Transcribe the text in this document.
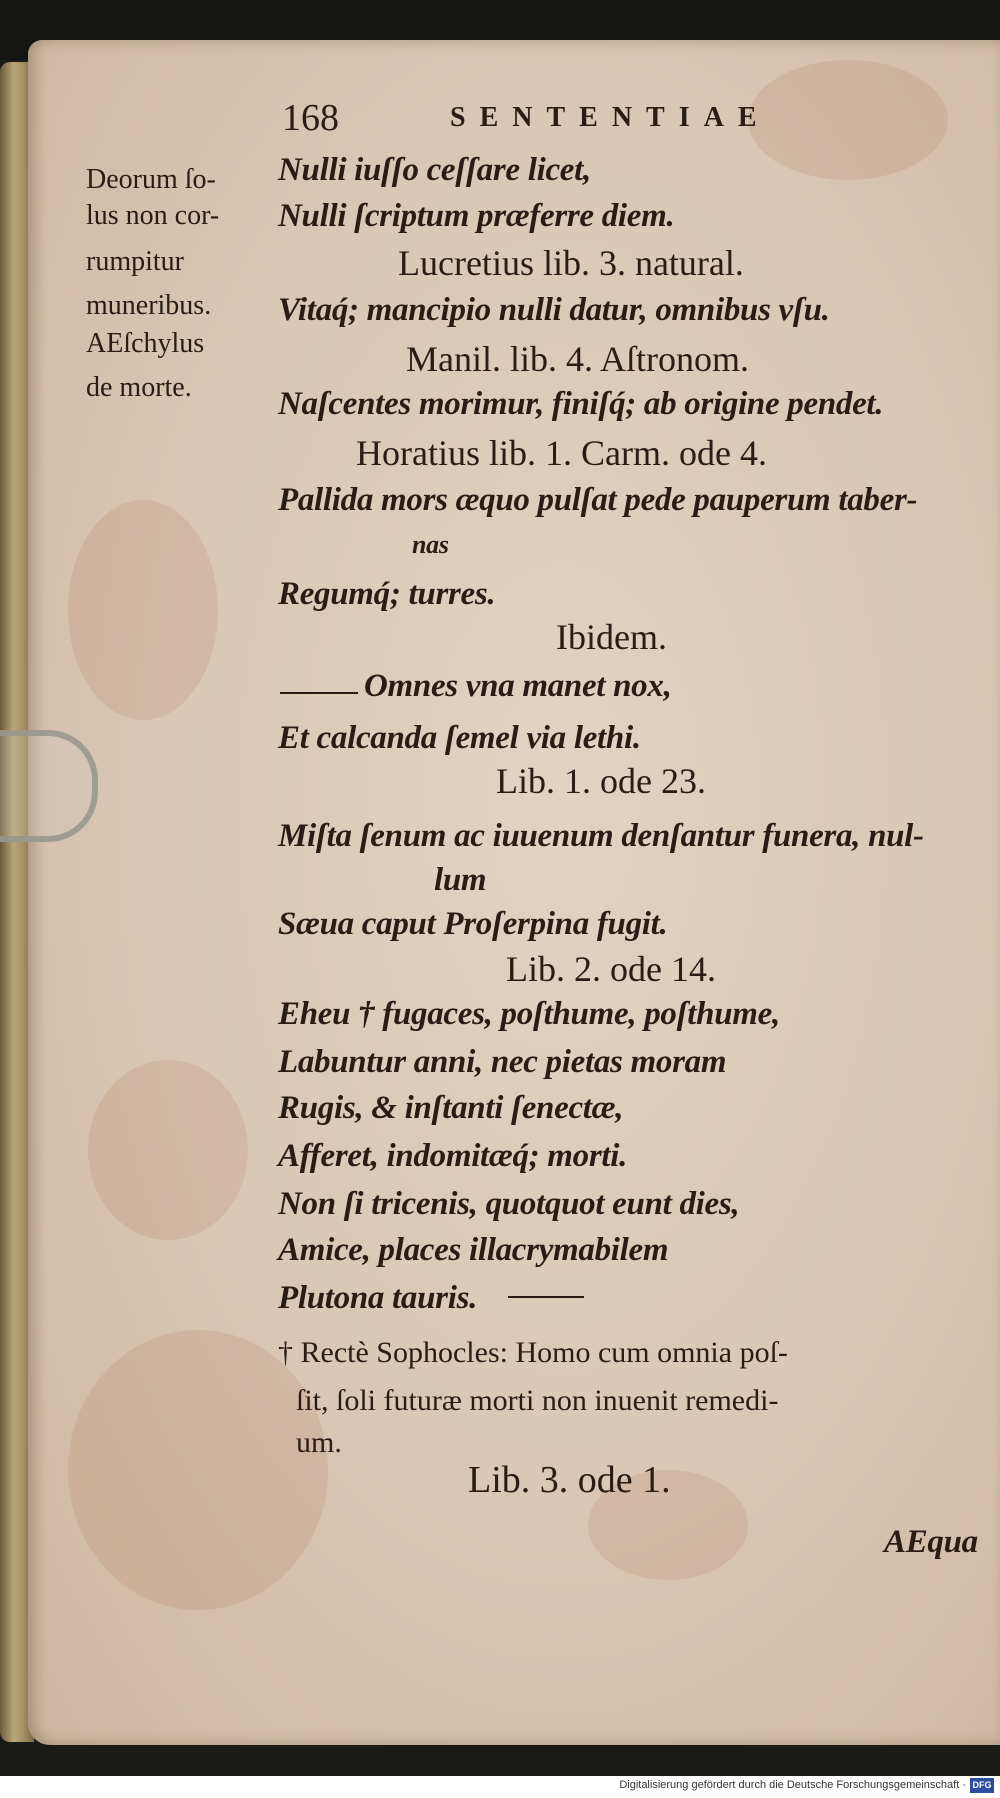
168	SENTENTIAE
Deorum ſo-
lus non cor-
rumpitur
muneribus.
AEſchylus
de morte.
Nulli iuſſo ceſſare licet,
Nulli ſcriptum præferre diem.
Lucretius lib. 3. natural.
Vitaq́; mancipio nulli datur, omnibus vſu.
Manil. lib. 4. Aſtronom.
Naſcentes morimur, finiſq́; ab origine pendet.
Horatius lib. 1. Carm. ode 4.
Pallida mors æquo pulſat pede pauperum taber-
nas
Regumq́; turres.
Ibidem.
Omnes vna manet nox,
Et calcanda ſemel via lethi.
Lib. 1. ode 23.
Miſta ſenum ac iuuenum denſantur funera, nul-
lum
Sæua caput Proſerpina fugit.
Lib. 2. ode 14.
Eheu † fugaces, poſthume, poſthume,
Labuntur anni, nec pietas moram
Rugis, & inſtanti ſenectæ,
Afferet, indomitæq́; morti.
Non ſi tricenis, quotquot eunt dies,
Amice, places illacrymabilem
Plutona tauris.
† Rectè Sophocles: Homo cum omnia poſ-
ſit, ſoli futuræ morti non inuenit remedi-
um.
Lib. 3. ode 1.
AEqua
Digitalisierung gefördert durch die Deutsche Forschungsgemeinschaft · DFG
